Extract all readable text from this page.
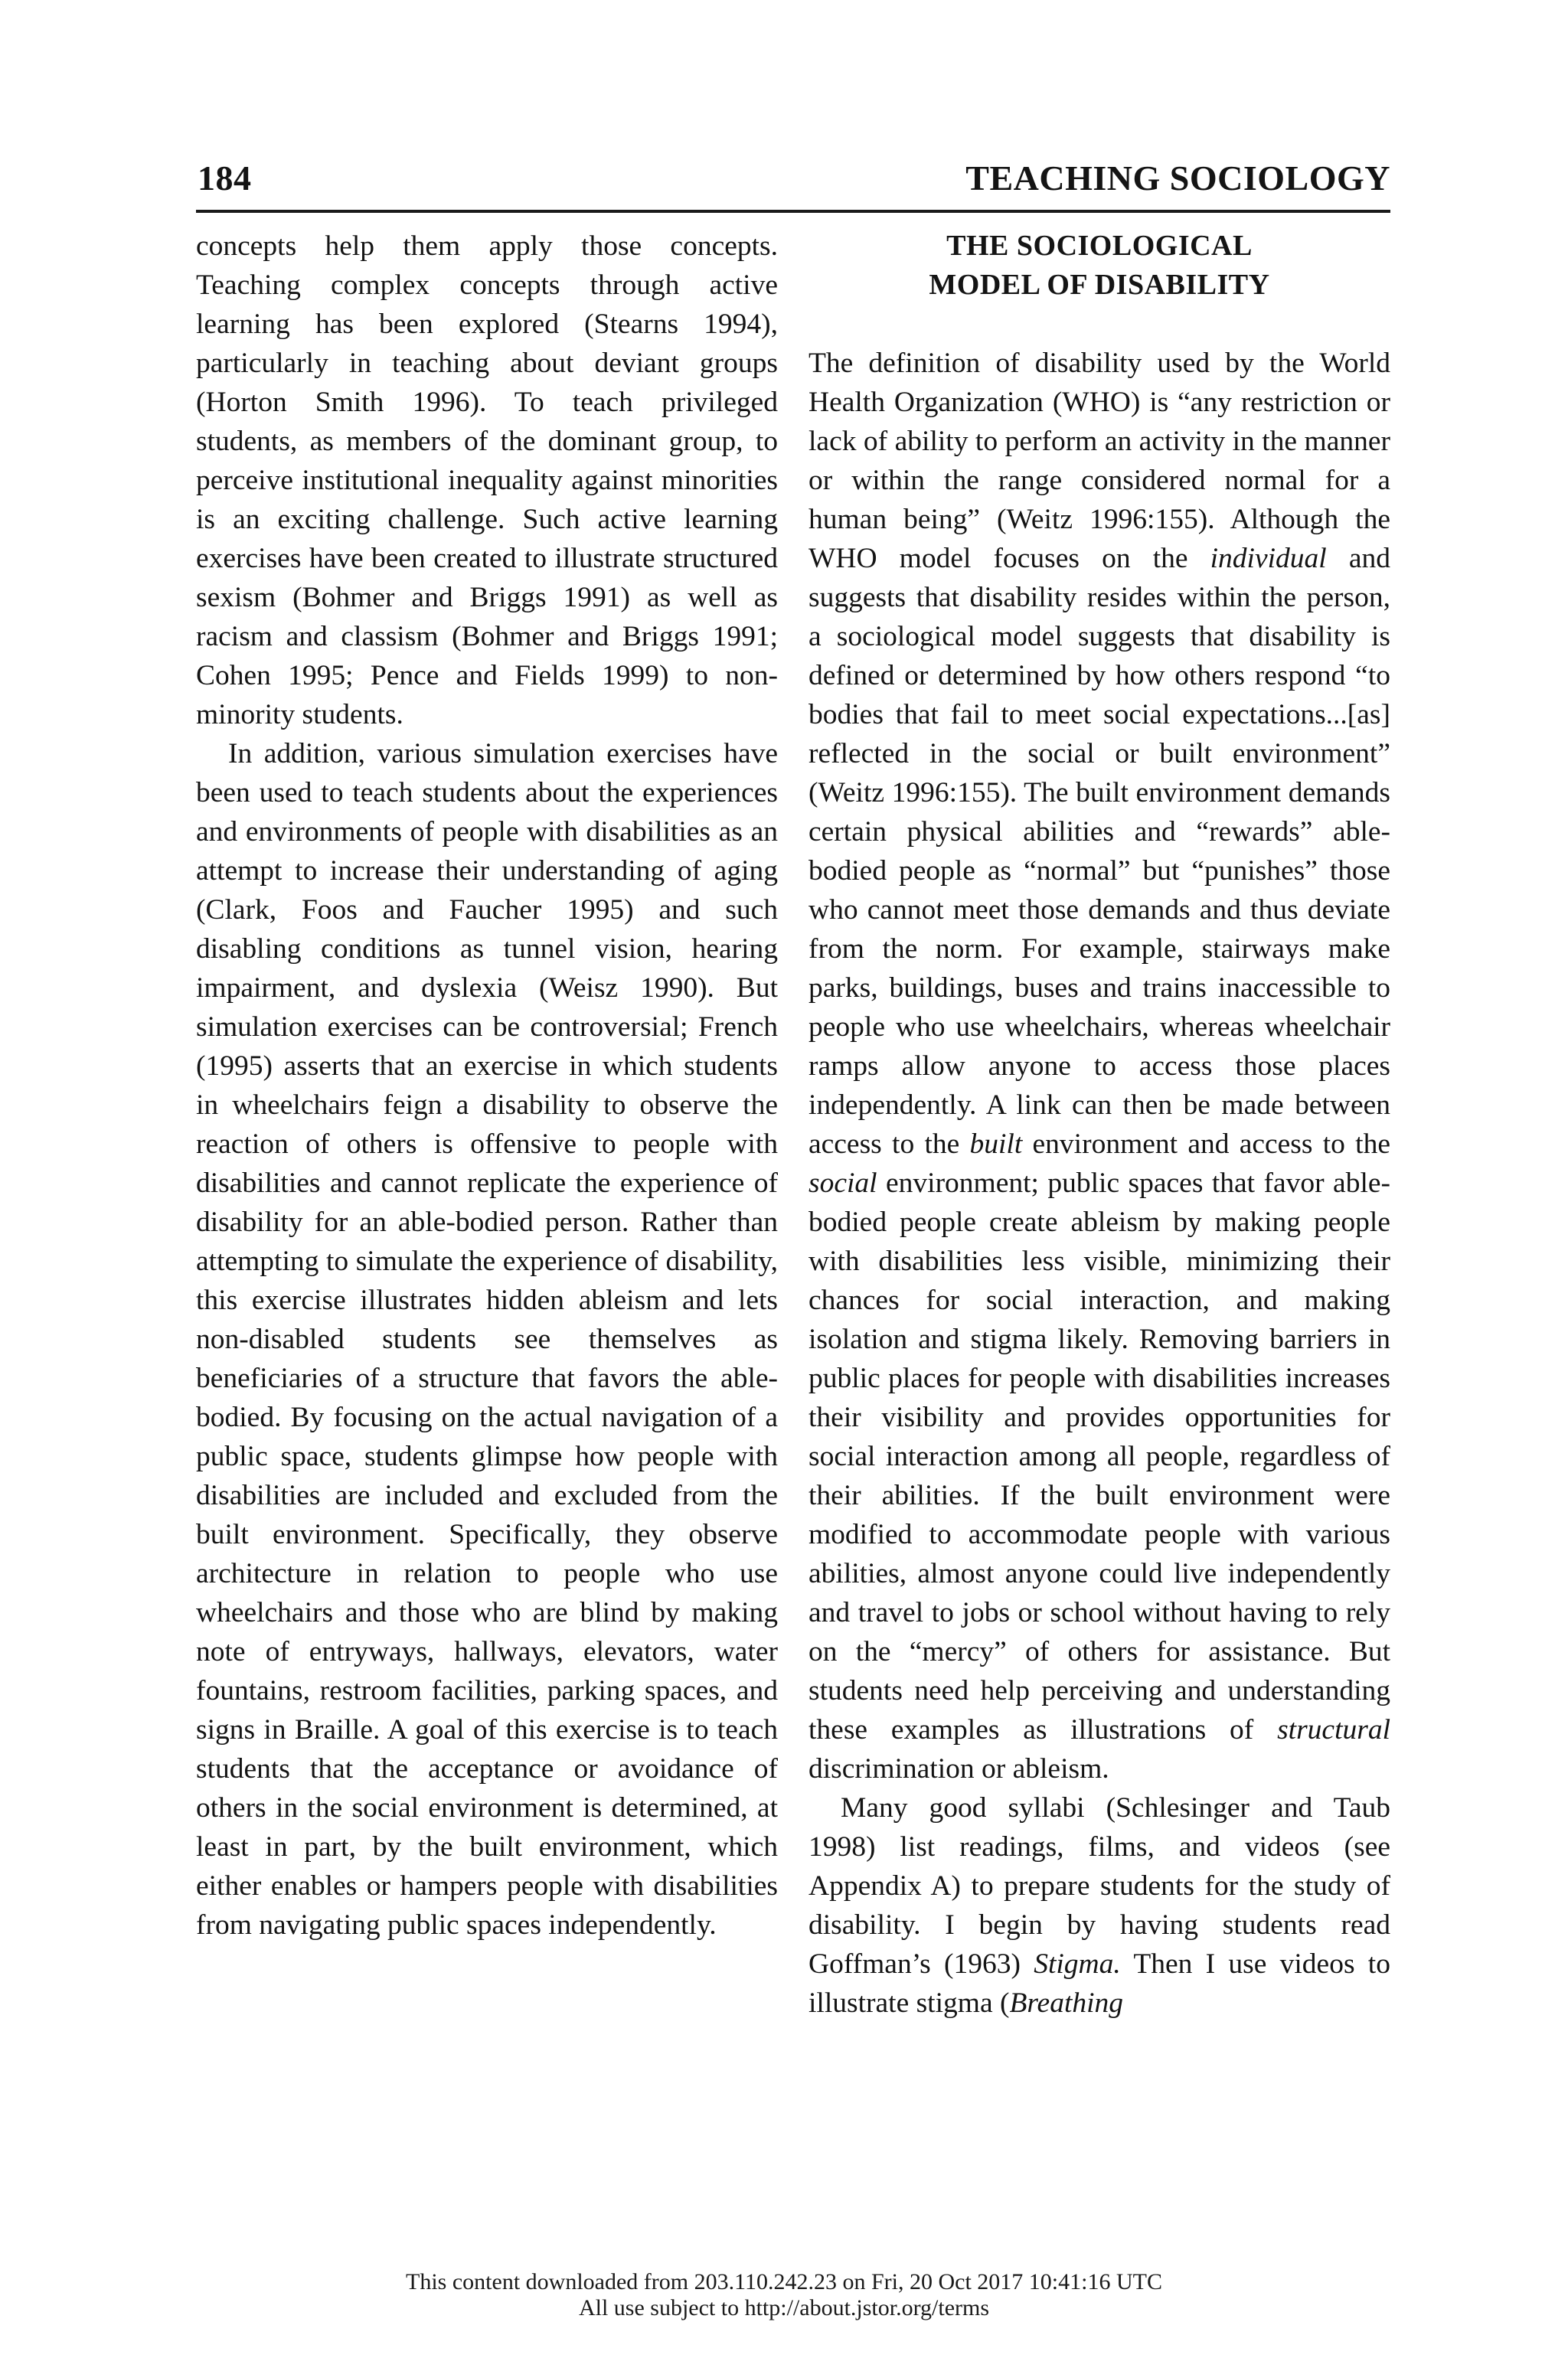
184	TEACHING SOCIOLOGY

concepts help them apply those concepts. Teaching complex concepts through active learning has been explored (Stearns 1994), particularly in teaching about deviant groups (Horton Smith 1996). To teach privileged students, as members of the dominant group, to perceive institutional inequality against minorities is an exciting challenge. Such active learning exercises have been created to illustrate structured sexism (Bohmer and Briggs 1991) as well as racism and classism (Bohmer and Briggs 1991; Cohen 1995; Pence and Fields 1999) to non-minority students.

In addition, various simulation exercises have been used to teach students about the experiences and environments of people with disabilities as an attempt to increase their understanding of aging (Clark, Foos and Faucher 1995) and such disabling conditions as tunnel vision, hearing impairment, and dyslexia (Weisz 1990). But simulation exercises can be controversial; French (1995) asserts that an exercise in which students in wheelchairs feign a disability to observe the reaction of others is offensive to people with disabilities and cannot replicate the experience of disability for an able-bodied person. Rather than attempting to simulate the experience of disability, this exercise illustrates hidden ableism and lets non-disabled students see themselves as beneficiaries of a structure that favors the able-bodied. By focusing on the actual navigation of a public space, students glimpse how people with disabilities are included and excluded from the built environment. Specifically, they observe architecture in relation to people who use wheelchairs and those who are blind by making note of entryways, hallways, elevators, water fountains, restroom facilities, parking spaces, and signs in Braille. A goal of this exercise is to teach students that the acceptance or avoidance of others in the social environment is determined, at least in part, by the built environment, which either enables or hampers people with disabilities from navigating public spaces independently.

THE SOCIOLOGICAL
MODEL OF DISABILITY

The definition of disability used by the World Health Organization (WHO) is “any restriction or lack of ability to perform an activity in the manner or within the range considered normal for a human being” (Weitz 1996:155). Although the WHO model focuses on the individual and suggests that disability resides within the person, a sociological model suggests that disability is defined or determined by how others respond “to bodies that fail to meet social expectations...[as] reflected in the social or built environment” (Weitz 1996:155). The built environment demands certain physical abilities and “rewards” able-bodied people as “normal” but “punishes” those who cannot meet those demands and thus deviate from the norm. For example, stairways make parks, buildings, buses and trains inaccessible to people who use wheelchairs, whereas wheelchair ramps allow anyone to access those places independently. A link can then be made between access to the built environment and access to the social environment; public spaces that favor able-bodied people create ableism by making people with disabilities less visible, minimizing their chances for social interaction, and making isolation and stigma likely. Removing barriers in public places for people with disabilities increases their visibility and provides opportunities for social interaction among all people, regardless of their abilities. If the built environment were modified to accommodate people with various abilities, almost anyone could live independently and travel to jobs or school without having to rely on the “mercy” of others for assistance. But students need help perceiving and understanding these examples as illustrations of structural discrimination or ableism.

Many good syllabi (Schlesinger and Taub 1998) list readings, films, and videos (see Appendix A) to prepare students for the study of disability. I begin by having students read Goffman’s (1963) Stigma. Then I use videos to illustrate stigma (Breathing

This content downloaded from 203.110.242.23 on Fri, 20 Oct 2017 10:41:16 UTC
All use subject to http://about.jstor.org/terms
